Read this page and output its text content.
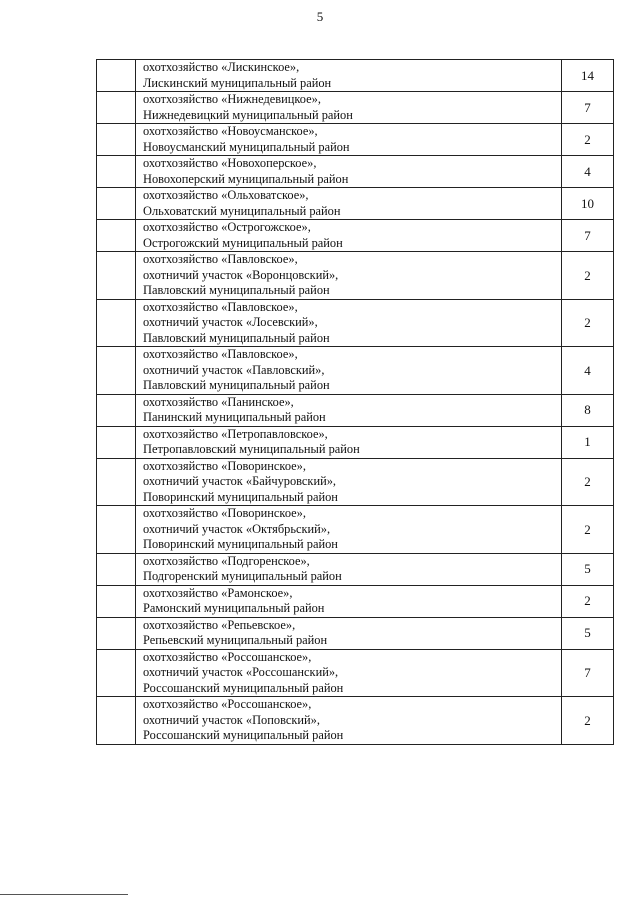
5

	охотхозяйство «Лискинское»,
Лискинский муниципальный район	14

	охотхозяйство «Нижнедевицкое»,
Нижнедевицкий муниципальный район	7

	охотхозяйство «Новоусманское»,
Новоусманский муниципальный район	2

	охотхозяйство «Новохоперское»,
Новохоперский муниципальный район	4

	охотхозяйство «Ольховатское»,
Ольховатский муниципальный район	10

	охотхозяйство «Острогожское»,
Острогожский муниципальный район	7

	охотхозяйство «Павловское»,
охотничий участок «Воронцовский»,
Павловский муниципальный район	2

	охотхозяйство «Павловское»,
охотничий участок «Лосевский»,
Павловский муниципальный район	2

	охотхозяйство «Павловское»,
охотничий участок «Павловский»,
Павловский муниципальный район	4

	охотхозяйство «Панинское»,
Панинский муниципальный район	8

	охотхозяйство «Петропавловское»,
Петропавловский муниципальный район	1

	охотхозяйство «Поворинское»,
охотничий участок «Байчуровский»,
Поворинский муниципальный район	2

	охотхозяйство «Поворинское»,
охотничий участок «Октябрьский»,
Поворинский муниципальный район	2

	охотхозяйство «Подгоренское»,
Подгоренский муниципальный район	5

	охотхозяйство «Рамонское»,
Рамонский муниципальный район	2

	охотхозяйство «Репьевское»,
Репьевский муниципальный район	5

	охотхозяйство «Россошанское»,
охотничий участок «Россошанский»,
Россошанский муниципальный район	7

	охотхозяйство «Россошанское»,
охотничий участок «Поповский»,
Россошанский муниципальный район	2
